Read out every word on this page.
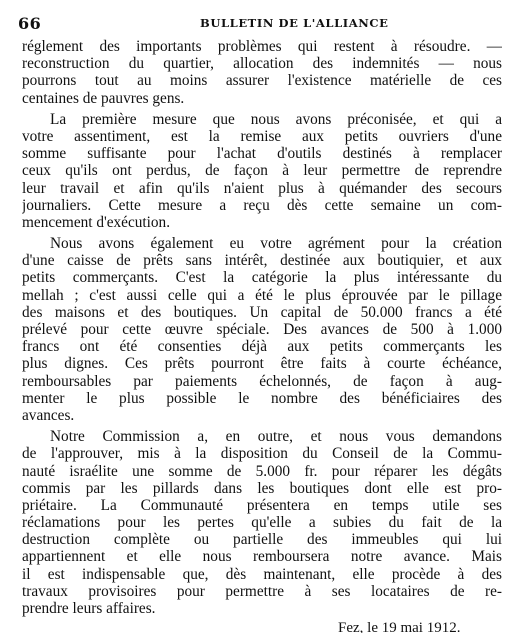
66	BULLETIN DE L'ALLIANCE
réglement des importants problèmes qui restent à résoudre. —
reconstruction du quartier, allocation des indemnités — nous
pourrons tout au moins assurer l'existence matérielle de ces
centaines de pauvres gens.
La première mesure que nous avons préconisée, et qui a
votre assentiment, est la remise aux petits ouvriers d'une
somme suffisante pour l'achat d'outils destinés à remplacer
ceux qu'ils ont perdus, de façon à leur permettre de reprendre
leur travail et afin qu'ils n'aient plus à quémander des secours
journaliers. Cette mesure a reçu dès cette semaine un com-
mencement d'exécution.
Nous avons également eu votre agrément pour la création
d'une caisse de prêts sans intérêt, destinée aux boutiquier, et aux
petits commerçants. C'est la catégorie la plus intéressante du
mellah ; c'est aussi celle qui a été le plus éprouvée par le pillage
des maisons et des boutiques. Un capital de 50.000 francs a été
prélevé pour cette œuvre spéciale. Des avances de 500 à 1.000
francs ont été consenties déjà aux petits commerçants les
plus dignes. Ces prêts pourront être faits à courte échéance,
remboursables par paiements échelonnés, de façon à aug-
menter le plus possible le nombre des bénéficiaires des
avances.
Notre Commission a, en outre, et nous vous demandons
de l'approuver, mis à la disposition du Conseil de la Commu-
nauté israélite une somme de 5.000 fr. pour réparer les dégâts
commis par les pillards dans les boutiques dont elle est pro-
priétaire. La Communauté présentera en temps utile ses
réclamations pour les pertes qu'elle a subies du fait de la
destruction complète ou partielle des immeubles qui lui
appartiennent et elle nous remboursera notre avance. Mais
il est indispensable que, dès maintenant, elle procède à des
travaux provisoires pour permettre à ses locataires de re-
prendre leurs affaires.
Fez, le 19 mai 1912.
